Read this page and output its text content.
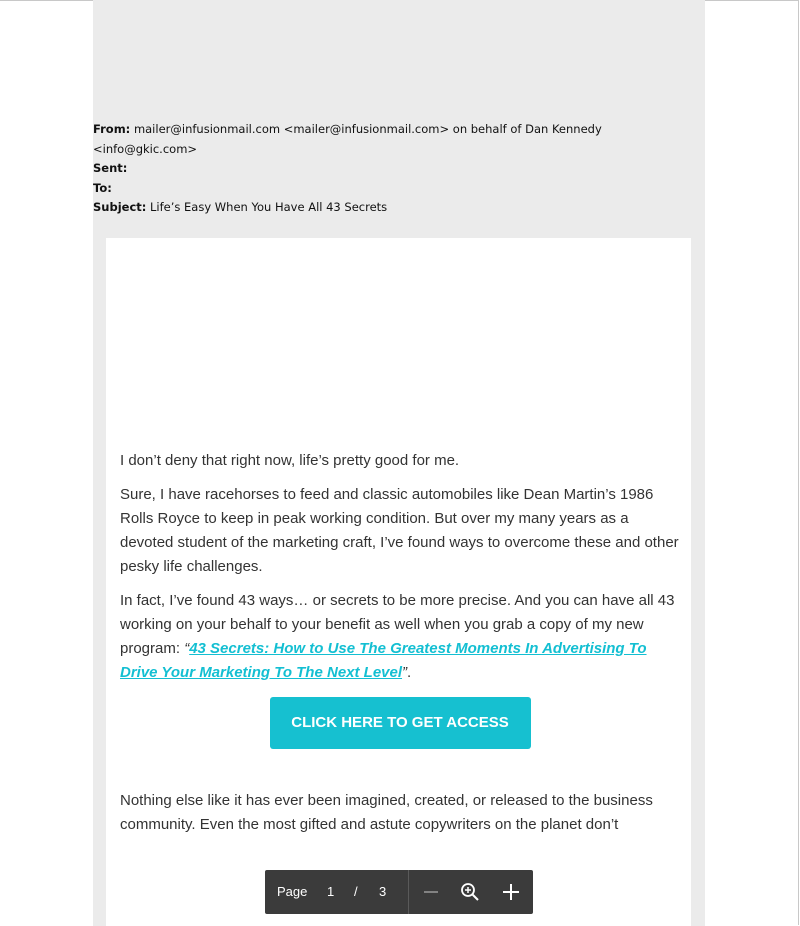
From: mailer@infusionmail.com <mailer@infusionmail.com> on behalf of Dan Kennedy
<info@gkic.com>
Sent:
To:
Subject: Life’s Easy When You Have All 43 Secrets

I don’t deny that right now, life’s pretty good for me.

Sure, I have racehorses to feed and classic automobiles like Dean Martin’s 1986 Rolls Royce to keep in peak working condition. But over my many years as a devoted student of the marketing craft, I’ve found ways to overcome these and other pesky life challenges.

In fact, I’ve found 43 ways… or secrets to be more precise. And you can have all 43 working on your behalf to your benefit as well when you grab a copy of my new program: “43 Secrets: How to Use The Greatest Moments In Advertising To Drive Your Marketing To The Next Level”.

CLICK HERE TO GET ACCESS

Nothing else like it has ever been imagined, created, or released to the business community. Even the most gifted and astute copywriters on the planet don’t

Page 1 / 3
